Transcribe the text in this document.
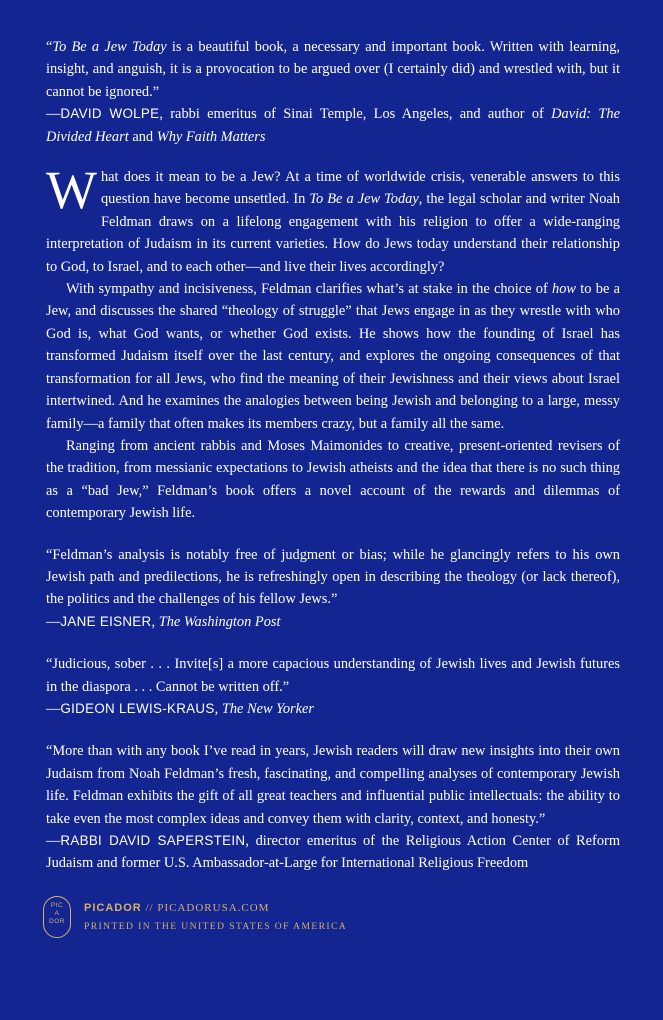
“To Be a Jew Today is a beautiful book, a necessary and important book. Written with learning, insight, and anguish, it is a provocation to be argued over (I certainly did) and wrestled with, but it cannot be ignored.”

—DAVID WOLPE, rabbi emeritus of Sinai Temple, Los Angeles, and author of David: The Divided Heart and Why Faith Matters

What does it mean to be a Jew? At a time of worldwide crisis, venerable answers to this question have become unsettled. In To Be a Jew Today, the legal scholar and writer Noah Feldman draws on a lifelong engagement with his religion to offer a wide-ranging interpretation of Judaism in its current varieties. How do Jews today understand their relationship to God, to Israel, and to each other—and live their lives accordingly?

With sympathy and incisiveness, Feldman clarifies what’s at stake in the choice of how to be a Jew, and discusses the shared “theology of struggle” that Jews engage in as they wrestle with who God is, what God wants, or whether God exists. He shows how the founding of Israel has transformed Judaism itself over the last century, and explores the ongoing consequences of that transformation for all Jews, who find the meaning of their Jewishness and their views about Israel intertwined. And he examines the analogies between being Jewish and belonging to a large, messy family—a family that often makes its members crazy, but a family all the same.

Ranging from ancient rabbis and Moses Maimonides to creative, present-oriented revisers of the tradition, from messianic expectations to Jewish atheists and the idea that there is no such thing as a “bad Jew,” Feldman’s book offers a novel account of the rewards and dilemmas of contemporary Jewish life.

“Feldman’s analysis is notably free of judgment or bias; while he glancingly refers to his own Jewish path and predilections, he is refreshingly open in describing the theology (or lack thereof), the politics and the challenges of his fellow Jews.”

—JANE EISNER, The Washington Post

“Judicious, sober . . . Invite[s] a more capacious understanding of Jewish lives and Jewish futures in the diaspora . . . Cannot be written off.”

—GIDEON LEWIS-KRAUS, The New Yorker

“More than with any book I’ve read in years, Jewish readers will draw new insights into their own Judaism from Noah Feldman’s fresh, fascinating, and compelling analyses of contemporary Jewish life. Feldman exhibits the gift of all great teachers and influential public intellectuals: the ability to take even the most complex ideas and convey them with clarity, context, and honesty.”

—RABBI DAVID SAPERSTEIN, director emeritus of the Religious Action Center of Reform Judaism and former U.S. Ambassador-at-Large for International Religious Freedom

PIC
A
DOR
PICADOR // PICADORUSA.COM
PRINTED IN THE UNITED STATES OF AMERICA
